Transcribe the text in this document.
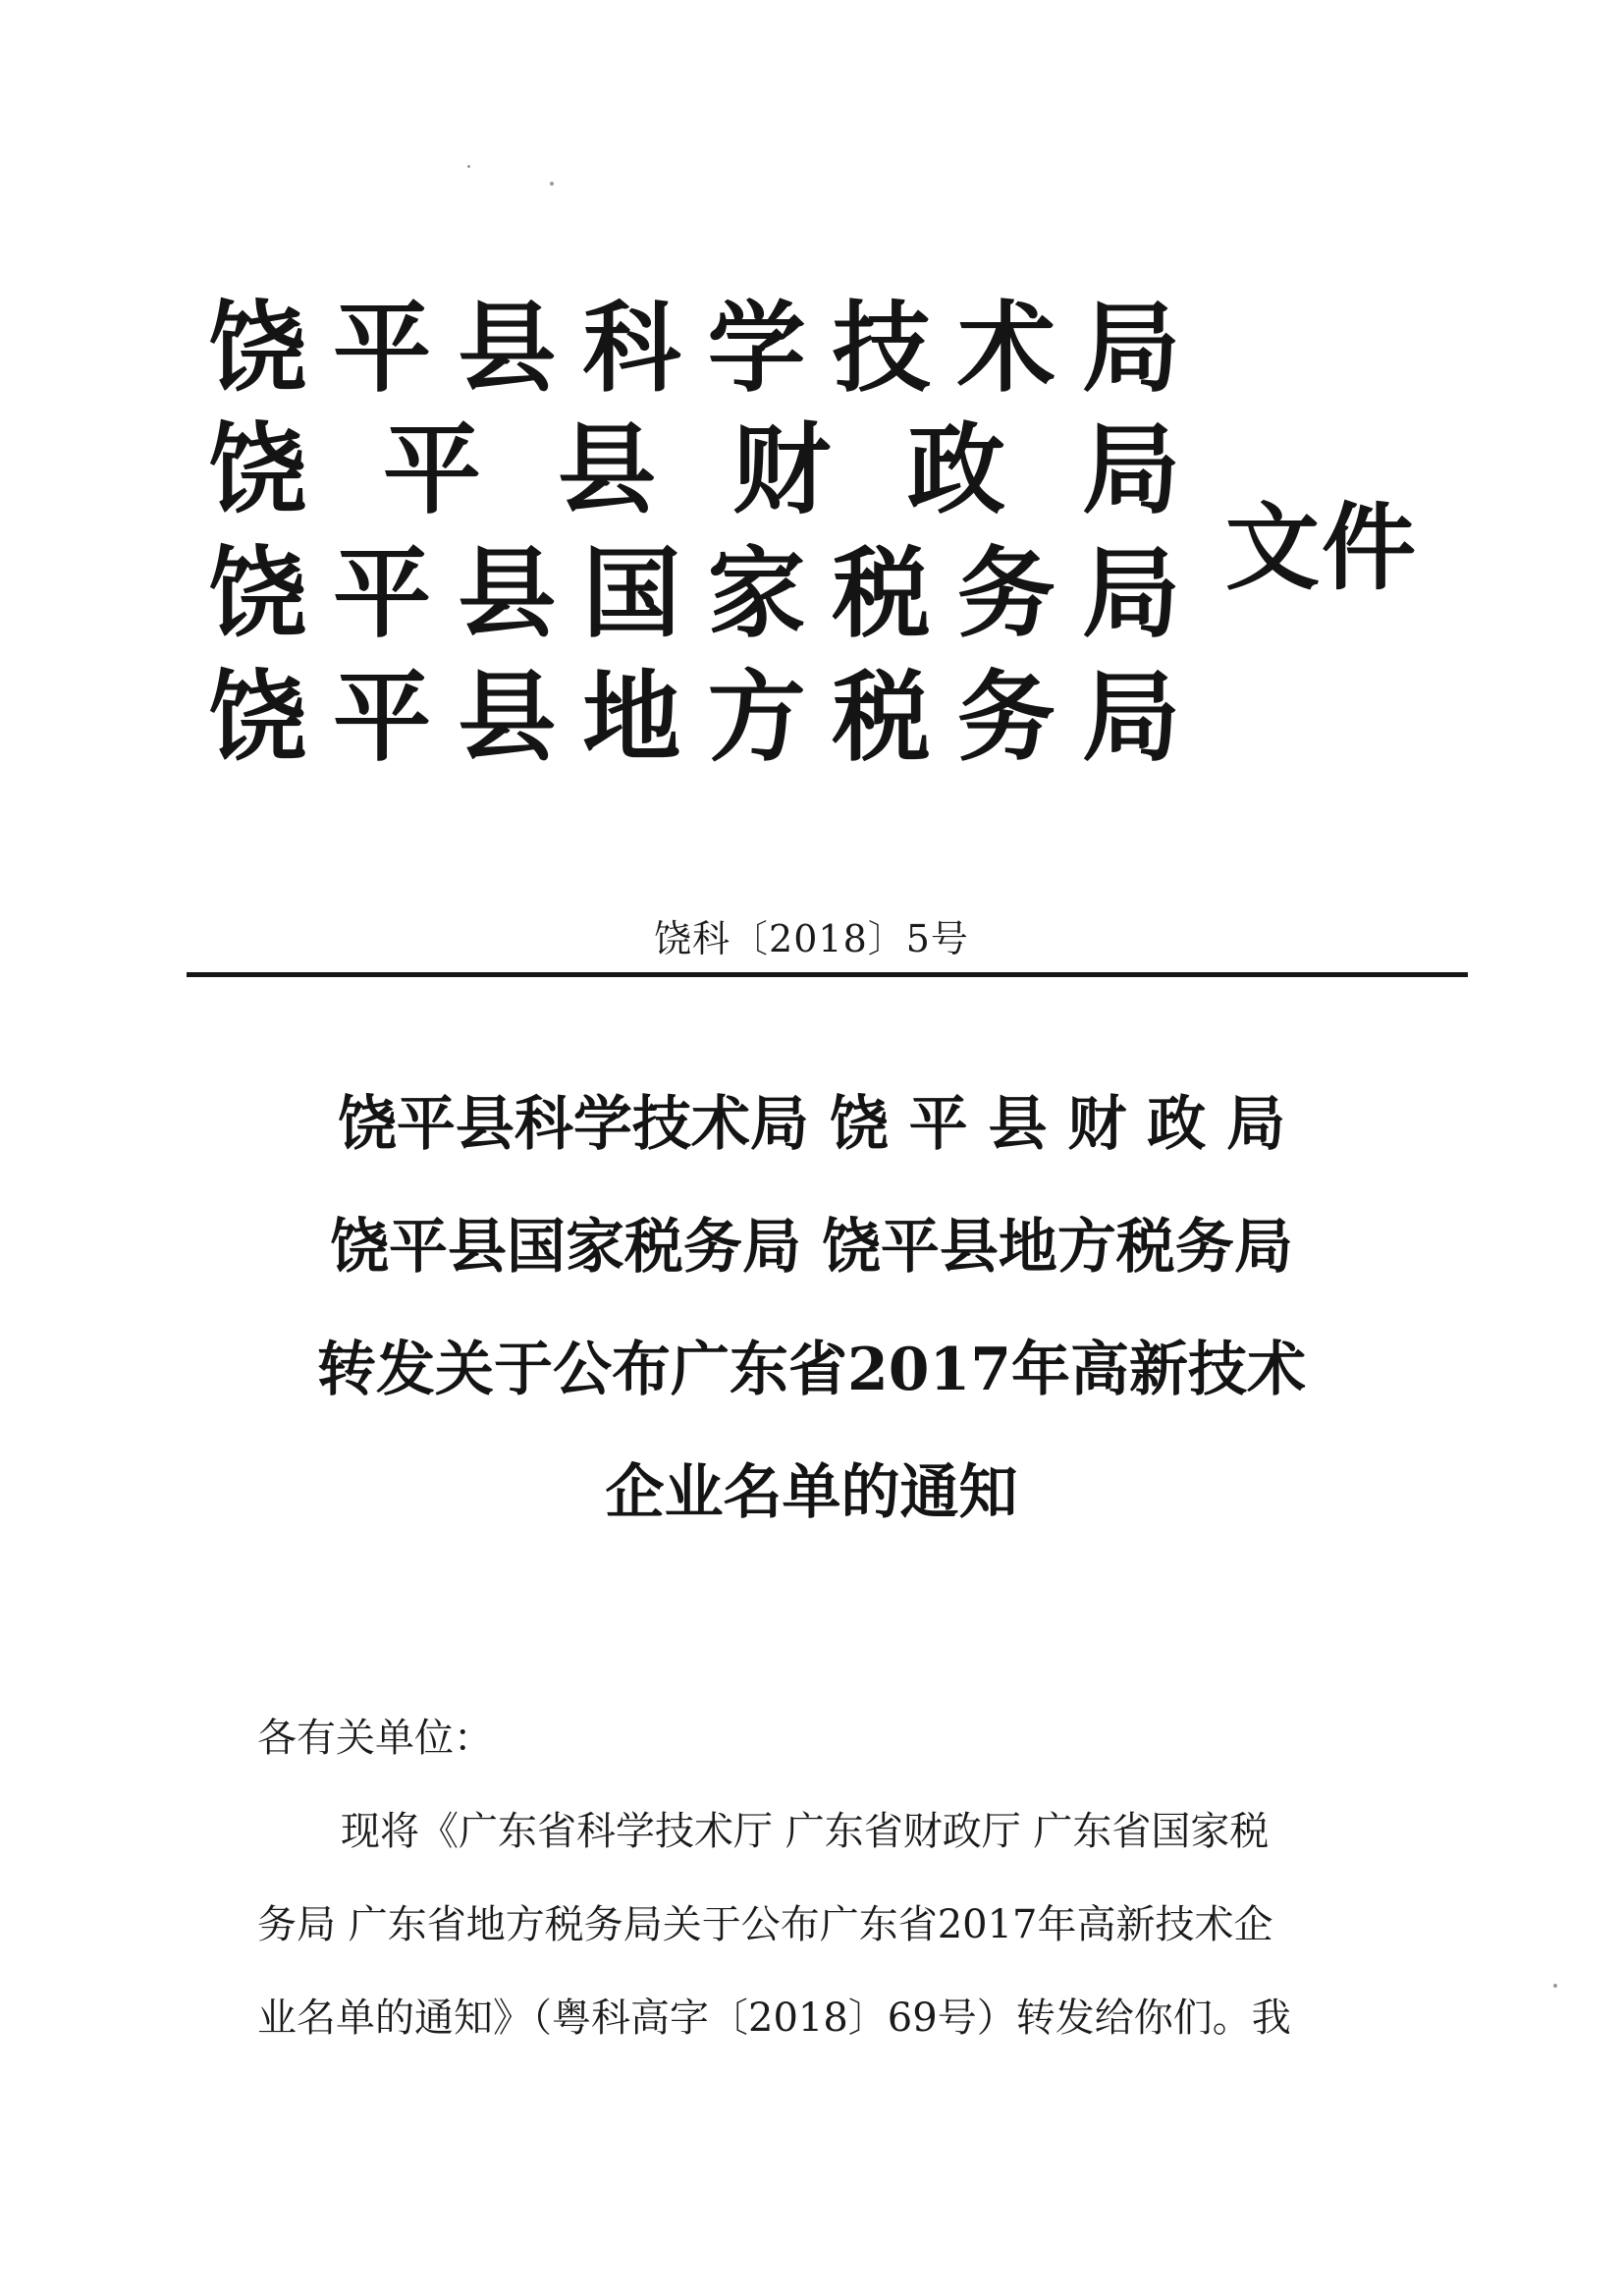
饶 平 县 科 学 技 术 局
饶 平 县 财 政 局
饶 平 县 国 家 税 务 局
饶 平 县 地 方 税 务 局
文件
饶科〔2018〕5号
饶平县科学技术局 饶 平 县 财 政 局
饶平县国家税务局 饶平县地方税务局
转发关于公布广东省2017年高新技术
企业名单的通知
各有关单位：
现将《广东省科学技术厅 广东省财政厅 广东省国家税
务局 广东省地方税务局关于公布广东省2017年高新技术企
业名单的通知》（粤科高字〔2018〕69号）转发给你们。我
